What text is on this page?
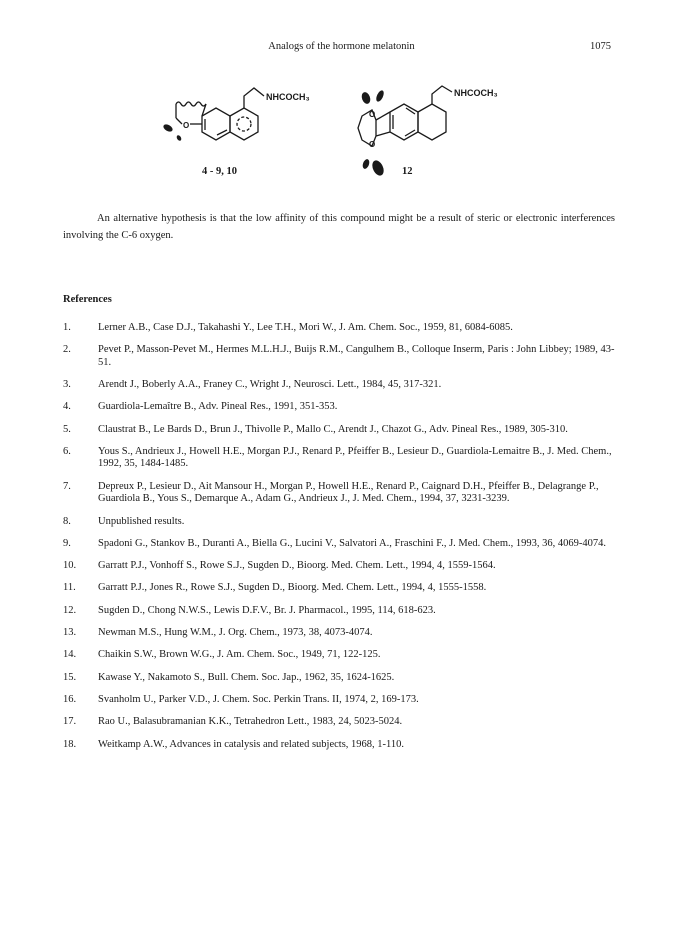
Analogs of the hormone melatonin	1075
O
NHCOCH₃
4 - 9, 10
O
O
NHCOCH₃
12

An alternative hypothesis is that the low affinity of this compound might be a result of steric or electronic interferences involving the C-6 oxygen.

References

1.	Lerner A.B., Case D.J., Takahashi Y., Lee T.H., Mori W., J. Am. Chem. Soc., 1959, 81, 6084-6085.
2.	Pevet P., Masson-Pevet M., Hermes M.L.H.J., Buijs R.M., Cangulhem B., Colloque Inserm, Paris : John Libbey; 1989, 43-51.
3.	Arendt J., Boberly A.A., Franey C., Wright J., Neurosci. Lett., 1984, 45, 317-321.
4.	Guardiola-Lemaître B., Adv. Pineal Res., 1991, 351-353.
5.	Claustrat B., Le Bards D., Brun J., Thivolle P., Mallo C., Arendt J., Chazot G., Adv. Pineal Res., 1989, 305-310.
6.	Yous S., Andrieux J., Howell H.E., Morgan P.J., Renard P., Pfeiffer B., Lesieur D., Guardiola-Lemaitre B., J. Med. Chem., 1992, 35, 1484-1485.
7.	Depreux P., Lesieur D., Ait Mansour H., Morgan P., Howell H.E., Renard P., Caignard D.H., Pfeiffer B., Delagrange P., Guardiola B., Yous S., Demarque A., Adam G., Andrieux J., J. Med. Chem., 1994, 37, 3231-3239.
8.	Unpublished results.
9.	Spadoni G., Stankov B., Duranti A., Biella G., Lucini V., Salvatori A., Fraschini F., J. Med. Chem., 1993, 36, 4069-4074.
10. Garratt P.J., Vonhoff S., Rowe S.J., Sugden D., Bioorg. Med. Chem. Lett., 1994, 4, 1559-1564.
11. Garratt P.J., Jones R., Rowe S.J., Sugden D., Bioorg. Med. Chem. Lett., 1994, 4, 1555-1558.
12. Sugden D., Chong N.W.S., Lewis D.F.V., Br. J. Pharmacol., 1995, 114, 618-623.
13. Newman M.S., Hung W.M., J. Org. Chem., 1973, 38, 4073-4074.
14. Chaikin S.W., Brown W.G., J. Am. Chem. Soc., 1949, 71, 122-125.
15. Kawase Y., Nakamoto S., Bull. Chem. Soc. Jap., 1962, 35, 1624-1625.
16. Svanholm U., Parker V.D., J. Chem. Soc. Perkin Trans. II, 1974, 2, 169-173.
17. Rao U., Balasubramanian K.K., Tetrahedron Lett., 1983, 24, 5023-5024.
18. Weitkamp A.W., Advances in catalysis and related subjects, 1968, 1-110.
